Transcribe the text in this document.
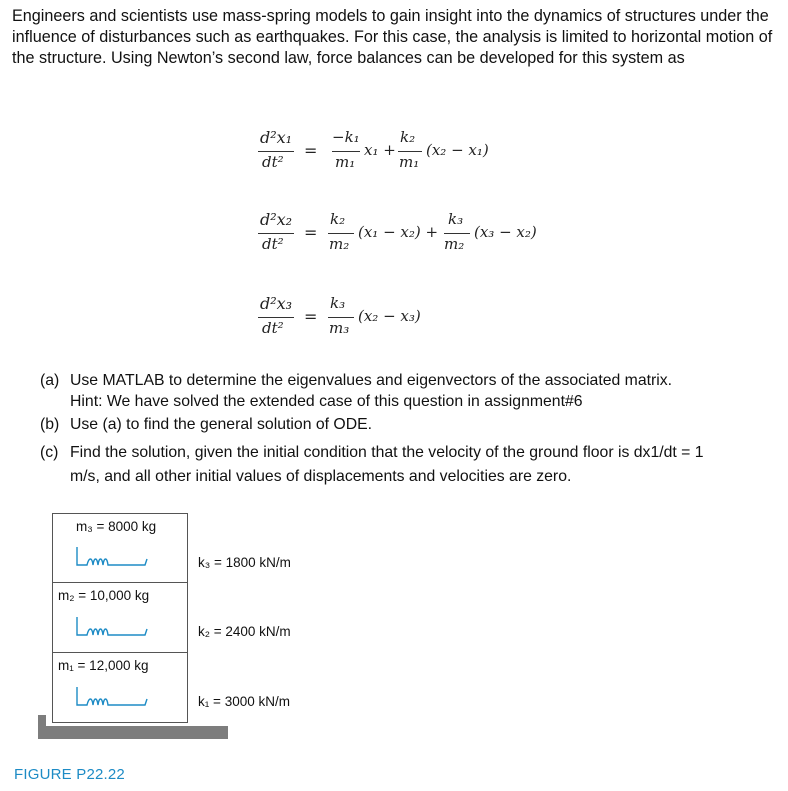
Engineers and scientists use mass-spring models to gain insight into the dynamics of structures under the influence of disturbances such as earthquakes. For this case, the analysis is limited to horizontal motion of the structure. Using Newton’s second law, force balances can be developed for this system as

d²x₁
dt²
=
−k₁
m₁
x₁ +
k₂
m₁
(x₂ − x₁)
d²x₂
dt²
=
k₂
m₂
(x₁ − x₂) +
k₃
m₂
(x₃ − x₂)
d²x₃
dt²
=
k₃
m₃
(x₂ − x₃)
(a) Use MATLAB to determine the eigenvalues and eigenvectors of the associated matrix.
Hint: We have solved the extended case of this question in assignment#6
(b) Use (a) to find the general solution of ODE.
(c) Find the solution, given the initial condition that the velocity of the ground floor is dx1/dt = 1
m/s, and all other initial values of displacements and velocities are zero.
m₃ = 8000 kg
m₂ = 10,000 kg
m₁ = 12,000 kg
k₃ = 1800 kN/m
k₂ = 2400 kN/m
k₁ = 3000 kN/m
FIGURE P22.22
